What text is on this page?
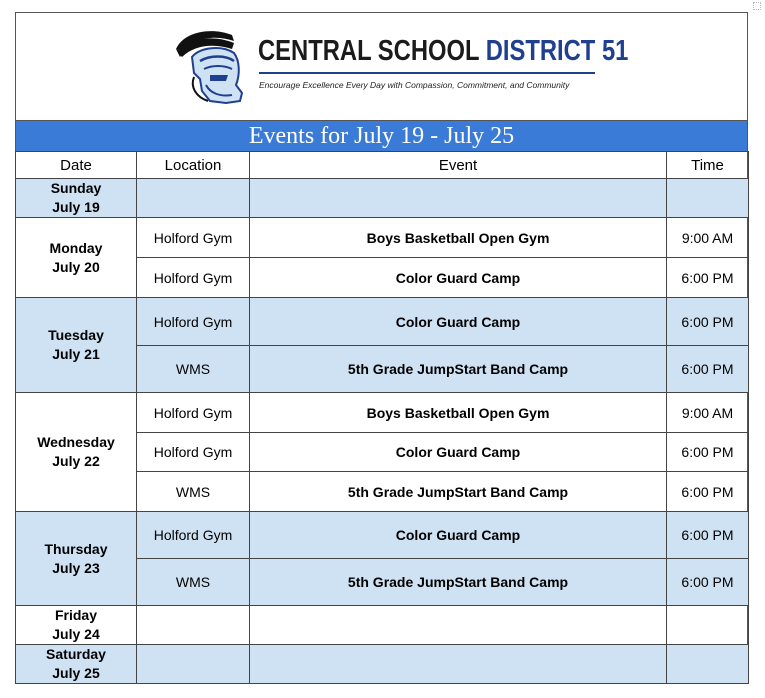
CENTRAL SCHOOL DISTRICT 51
Encourage Excellence Every Day with Compassion, Commitment, and Community
Events for July 19 - July 25
Date	Location	Event	Time
Sunday
July 19			
Monday
July 20	Holford Gym	Boys Basketball Open Gym	9:00 AM
	Holford Gym	Color Guard Camp	6:00 PM
Tuesday
July 21	Holford Gym	Color Guard Camp	6:00 PM
	WMS	5th Grade JumpStart Band Camp	6:00 PM
Wednesday
July 22	Holford Gym	Boys Basketball Open Gym	9:00 AM
	Holford Gym	Color Guard Camp	6:00 PM
	WMS	5th Grade JumpStart Band Camp	6:00 PM
Thursday
July 23	Holford Gym	Color Guard Camp	6:00 PM
	WMS	5th Grade JumpStart Band Camp	6:00 PM
Friday
July 24			
Saturday
July 25			
